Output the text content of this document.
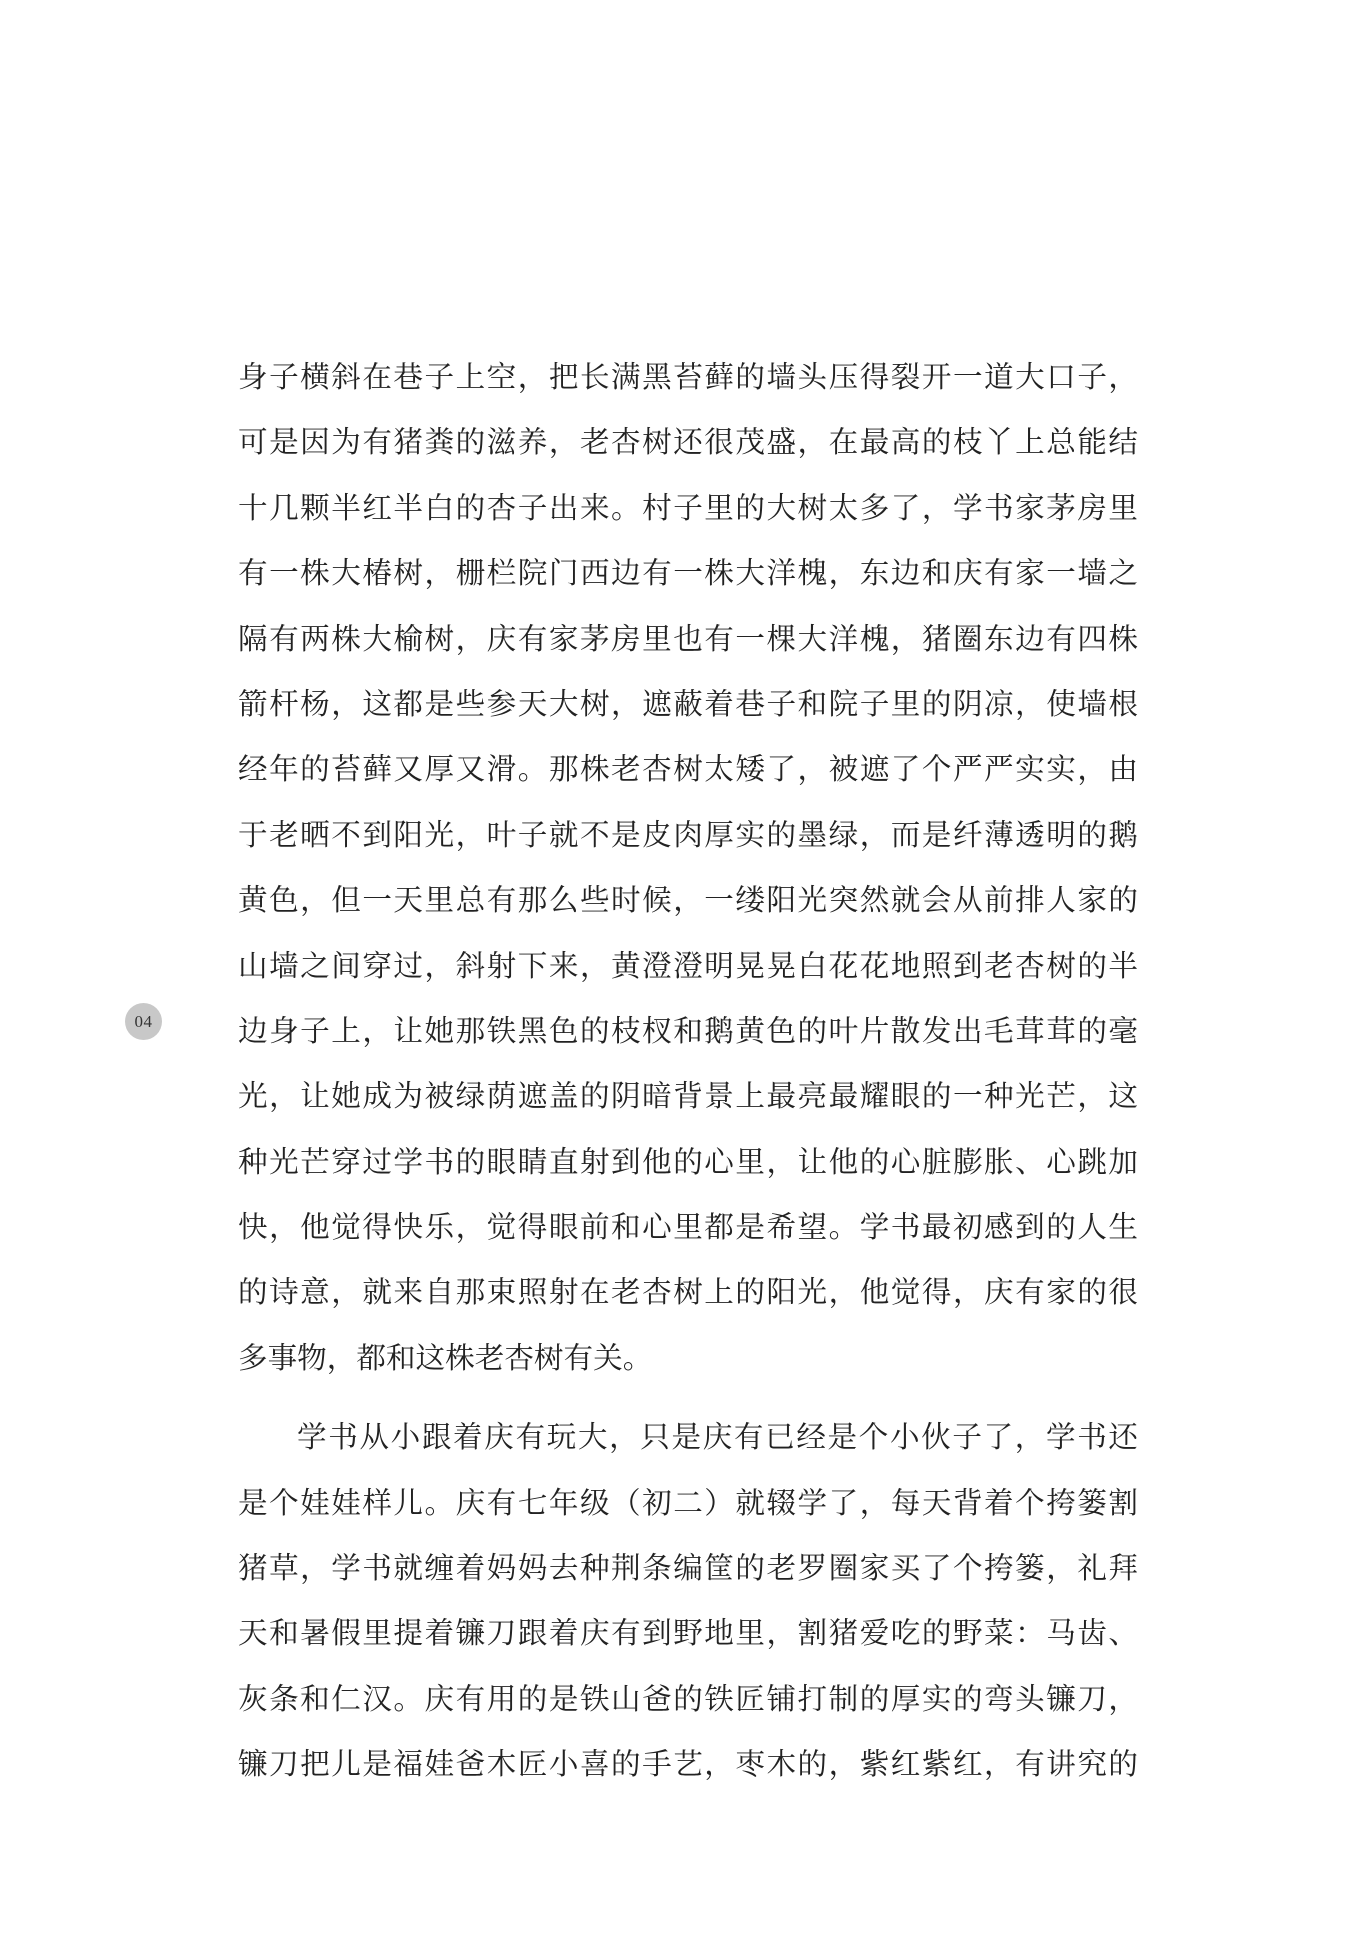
身子横斜在巷子上空，把长满黑苔藓的墙头压得裂开一道大口子，
可是因为有猪粪的滋养，老杏树还很茂盛，在最高的枝丫上总能结
十几颗半红半白的杏子出来。村子里的大树太多了，学书家茅房里
有一株大椿树，栅栏院门西边有一株大洋槐，东边和庆有家一墙之
隔有两株大榆树，庆有家茅房里也有一棵大洋槐，猪圈东边有四株
箭杆杨，这都是些参天大树，遮蔽着巷子和院子里的阴凉，使墙根
经年的苔藓又厚又滑。那株老杏树太矮了，被遮了个严严实实，由
于老晒不到阳光，叶子就不是皮肉厚实的墨绿，而是纤薄透明的鹅
黄色，但一天里总有那么些时候，一缕阳光突然就会从前排人家的
山墙之间穿过，斜射下来，黄澄澄明晃晃白花花地照到老杏树的半
边身子上，让她那铁黑色的枝杈和鹅黄色的叶片散发出毛茸茸的毫
光，让她成为被绿荫遮盖的阴暗背景上最亮最耀眼的一种光芒，这
种光芒穿过学书的眼睛直射到他的心里，让他的心脏膨胀、心跳加
快，他觉得快乐，觉得眼前和心里都是希望。学书最初感到的人生
的诗意，就来自那束照射在老杏树上的阳光，他觉得，庆有家的很
多事物，都和这株老杏树有关。
学书从小跟着庆有玩大，只是庆有已经是个小伙子了，学书还
是个娃娃样儿。庆有七年级（初二）就辍学了，每天背着个挎篓割
猪草，学书就缠着妈妈去种荆条编筐的老罗圈家买了个挎篓，礼拜
天和暑假里提着镰刀跟着庆有到野地里，割猪爱吃的野菜：马齿、
灰条和仁汉。庆有用的是铁山爸的铁匠铺打制的厚实的弯头镰刀，
镰刀把儿是福娃爸木匠小喜的手艺，枣木的，紫红紫红，有讲究的
04
